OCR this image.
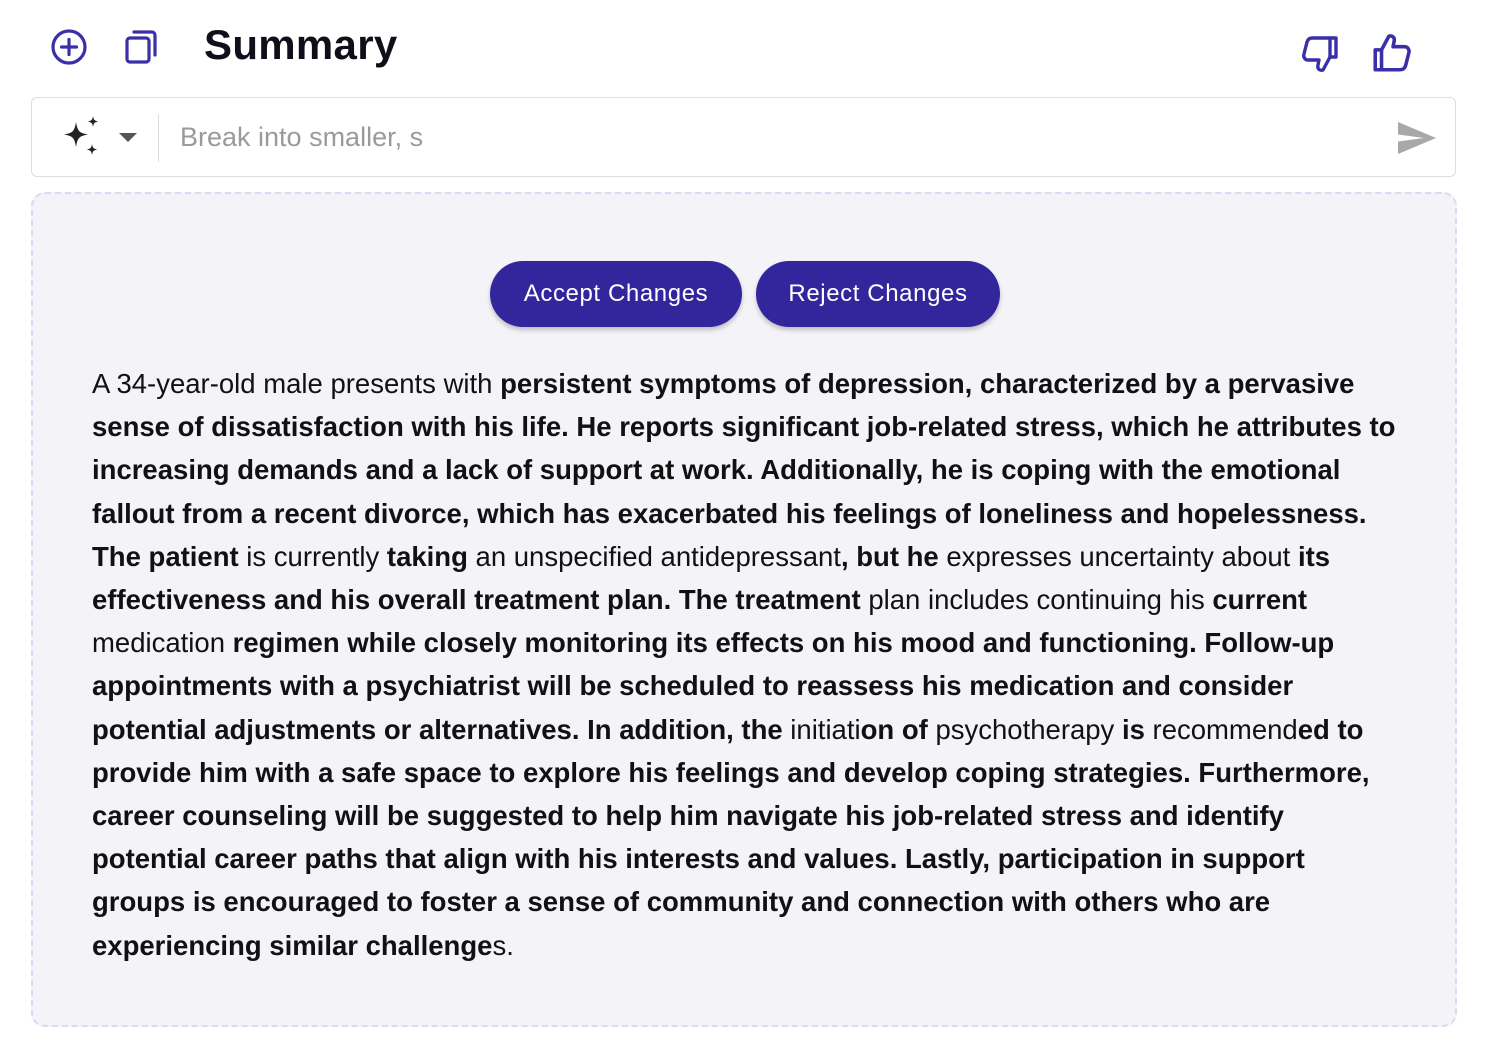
Summary
Break into smaller, s
Accept Changes	Reject Changes

A 34-year-old male presents with persistent symptoms of depression, characterized by a pervasive sense of dissatisfaction with his life. He reports significant job-related stress, which he attributes to increasing demands and a lack of support at work. Additionally, he is coping with the emotional fallout from a recent divorce, which has exacerbated his feelings of loneliness and hopelessness. The patient is currently taking an unspecified antidepressant, but he expresses uncertainty about its effectiveness and his overall treatment plan. The treatment plan includes continuing his current medication regimen while closely monitoring its effects on his mood and functioning. Follow-up appointments with a psychiatrist will be scheduled to reassess his medication and consider potential adjustments or alternatives. In addition, the initiation of psychotherapy is recommended to provide him with a safe space to explore his feelings and develop coping strategies. Furthermore, career counseling will be suggested to help him navigate his job-related stress and identify potential career paths that align with his interests and values. Lastly, participation in support groups is encouraged to foster a sense of community and connection with others who are experiencing similar challenges.
